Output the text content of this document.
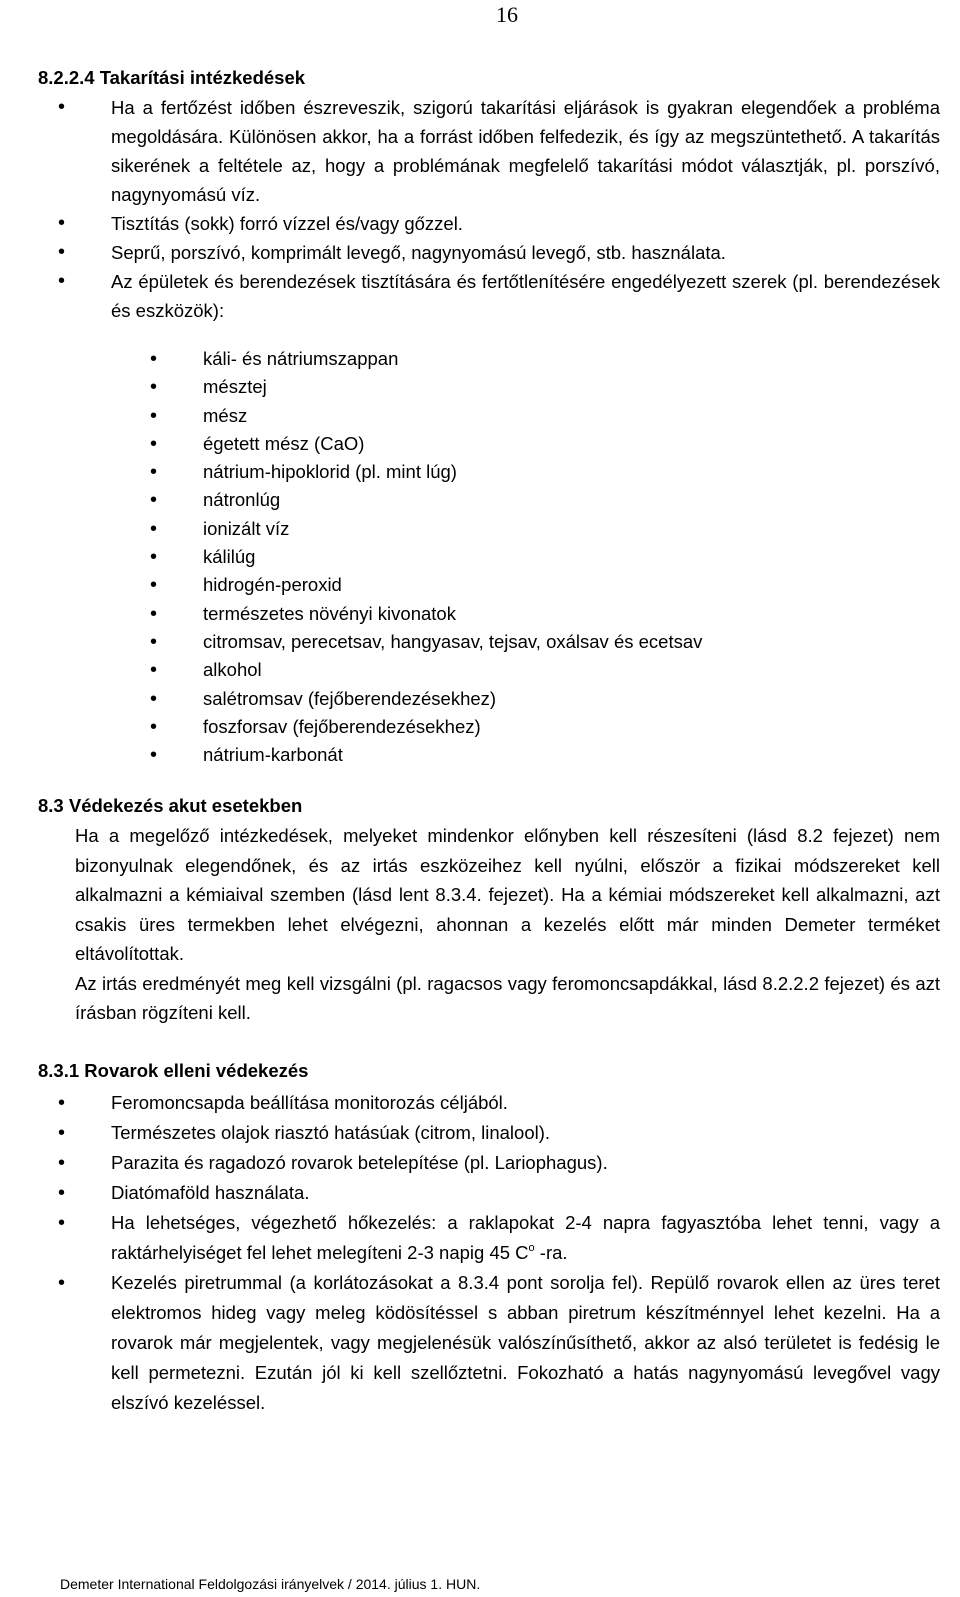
16
8.2.2.4 Takarítási intézkedések
• Ha a fertőzést időben észreveszik, szigorú takarítási eljárások is gyakran elegendőek a probléma megoldására. Különösen akkor, ha a forrást időben felfedezik, és így az megszüntethető. A takarítás sikerének a feltétele az, hogy a problémának megfelelő takarítási módot választják, pl. porszívó, nagynyomású víz.
• Tisztítás (sokk) forró vízzel és/vagy gőzzel.
• Seprű, porszívó, komprimált levegő, nagynyomású levegő, stb. használata.
• Az épületek és berendezések tisztítására és fertőtlenítésére engedélyezett szerek (pl. berendezések és eszközök):
• káli- és nátriumszappan
• mésztej
• mész
• égetett mész (CaO)
• nátrium-hipoklorid (pl. mint lúg)
• nátronlúg
• ionizált víz
• kálilúg
• hidrogén-peroxid
• természetes növényi kivonatok
• citromsav, perecetsav, hangyasav, tejsav, oxálsav és ecetsav
• alkohol
• salétromsav (fejőberendezésekhez)
• foszforsav (fejőberendezésekhez)
• nátrium-karbonát
8.3 Védekezés akut esetekben

Ha a megelőző intézkedések, melyeket mindenkor előnyben kell részesíteni (lásd 8.2 fejezet) nem bizonyulnak elegendőnek, és az irtás eszközeihez kell nyúlni, először a fizikai módszereket kell alkalmazni a kémiaival szemben (lásd lent 8.3.4. fejezet). Ha a kémiai módszereket kell alkalmazni, azt csakis üres termekben lehet elvégezni, ahonnan a kezelés előtt már minden Demeter terméket eltávolítottak.

Az irtás eredményét meg kell vizsgálni (pl. ragacsos vagy feromoncsapdákkal, lásd 8.2.2.2 fejezet) és azt írásban rögzíteni kell.

8.3.1 Rovarok elleni védekezés
• Feromoncsapda beállítása monitorozás céljából.
• Természetes olajok riasztó hatásúak (citrom, linalool).
• Parazita és ragadozó rovarok betelepítése (pl. Lariophagus).
• Diatómaföld használata.
• Ha lehetséges, végezhető hőkezelés: a raklapokat 2-4 napra fagyasztóba lehet tenni, vagy a raktárhelyiséget fel lehet melegíteni 2-3 napig 45 $C^o$ -ra.
• Kezelés piretrummal (a korlátozásokat a 8.3.4 pont sorolja fel). Repülő rovarok ellen az üres teret elektromos hideg vagy meleg ködösítéssel s abban piretrum készítménnyel lehet kezelni. Ha a rovarok már megjelentek, vagy megjelenésük valószínűsíthető, akkor az alsó területet is fedésig le kell permetezni. Ezután jól ki kell szellőztetni. Fokozható a hatás nagynyomású levegővel vagy elszívó kezeléssel.
Demeter International Feldolgozási irányelvek / 2014. július 1. HUN.
